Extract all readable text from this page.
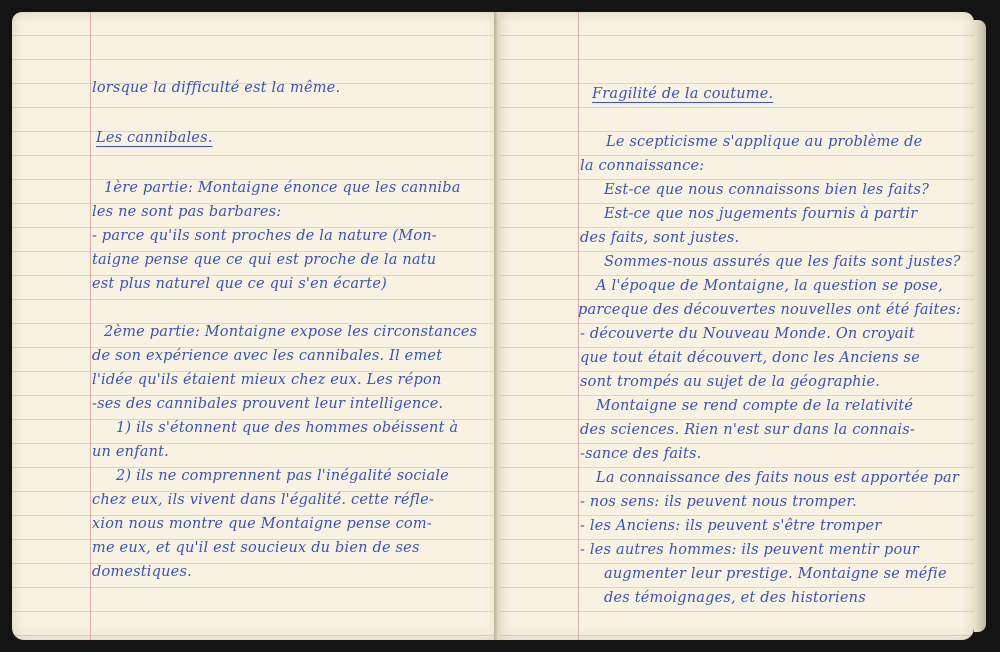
lorsque la difficulté est la même.
Les cannibales.
1ère partie: Montaigne énonce que les canniba
les ne sont pas barbares:
- parce qu'ils sont proches de la nature (Mon-
taigne pense que ce qui est proche de la natu
est plus naturel que ce qui s'en écarte)
2ème partie: Montaigne expose les circonstances
de son expérience avec les cannibales. Il emet
l'idée qu'ils étaient mieux chez eux. Les répon
-ses des cannibales prouvent leur intelligence.
1) ils s'étonnent que des hommes obéissent à
un enfant.
2) ils ne comprennent pas l'inégalité sociale
chez eux, ils vivent dans l'égalité. cette réfle-
xion nous montre que Montaigne pense com-
me eux, et qu'il est soucieux du bien de ses
domestiques.
Fragilité de la coutume.
Le scepticisme s'applique au problème de
la connaissance:
Est-ce que nous connaissons bien les faits?
Est-ce que nos jugements fournis à partir
des faits, sont justes.
Sommes-nous assurés que les faits sont justes?
A l'époque de Montaigne, la question se pose,
parceque des découvertes nouvelles ont été faites:
- découverte du Nouveau Monde. On croyait
que tout était découvert, donc les Anciens se
sont trompés au sujet de la géographie.
Montaigne se rend compte de la relativité
des sciences. Rien n'est sur dans la connais-
-sance des faits.
La connaissance des faits nous est apportée par
- nos sens: ils peuvent nous tromper.
- les Anciens: ils peuvent s'être tromper
- les autres hommes: ils peuvent mentir pour
augmenter leur prestige. Montaigne se méfie
des témoignages, et des historiens
